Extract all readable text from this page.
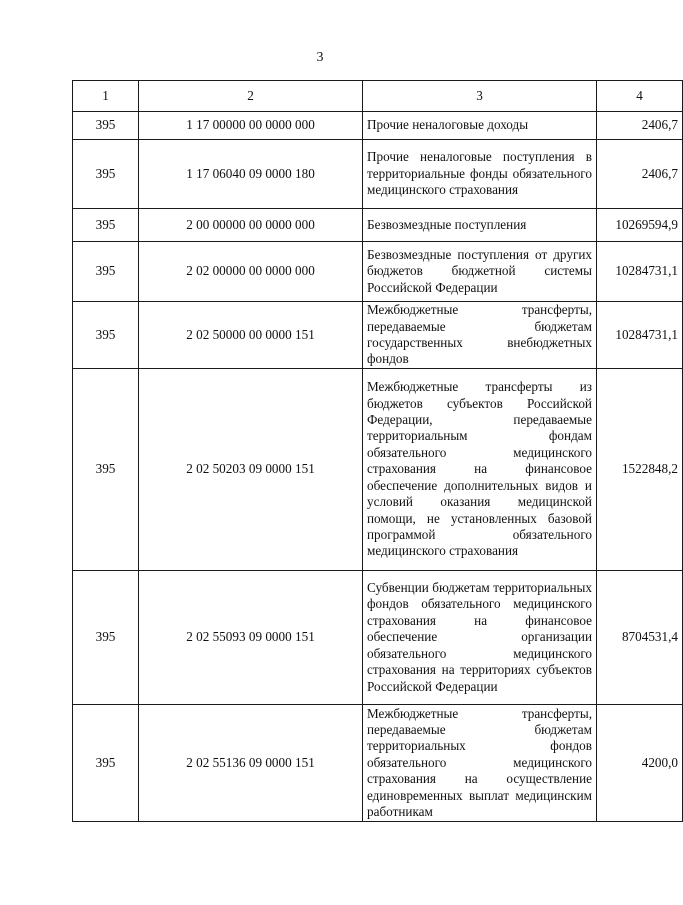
3
1	2	3	4
395	1 17 00000 00 0000 000	Прочие неналоговые доходы	2406,7
395	1 17 06040 09 0000 180	Прочие неналоговые поступления в территориальные фонды обязательного медицинского страхования	2406,7
395	2 00 00000 00 0000 000	Безвозмездные поступления	10269594,9
395	2 02 00000 00 0000 000	Безвозмездные поступления от других бюджетов бюджетной системы Российской Федерации	10284731,1
395	2 02 50000 00 0000 151	Межбюджетные трансферты, передаваемые бюджетам государственных внебюджетных фондов	10284731,1
395	2 02 50203 09 0000 151	Межбюджетные трансферты из бюджетов субъектов Российской Федерации, передаваемые территориальным фондам обязательного медицинского страхования на финансовое обеспечение дополнительных видов и условий оказания медицинской помощи, не установленных базовой программой обязательного медицинского страхования	1522848,2
395	2 02 55093 09 0000 151	Субвенции бюджетам территориальных фондов обязательного медицинского страхования на финансовое обеспечение организации обязательного медицинского страхования на территориях субъектов Российской Федерации	8704531,4
395	2 02 55136 09 0000 151	Межбюджетные трансферты, передаваемые бюджетам территориальных фондов обязательного медицинского страхования на осуществление единовременных выплат медицинским работникам	4200,0
